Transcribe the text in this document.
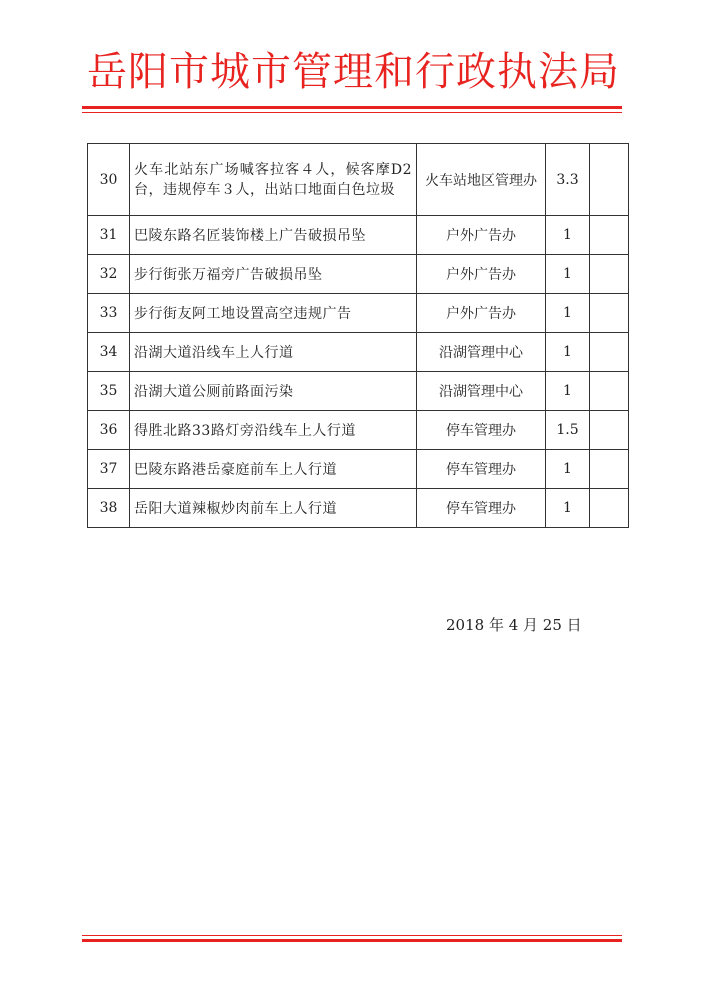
岳阳市城市管理和行政执法局
30	火车北站东广场喊客拉客４人，候客摩D2台，违规停车３人，出站口地面白色垃圾	火车站地区管理办	3.3	
31	巴陵东路名匠装饰楼上广告破损吊坠	户外广告办	1	
32	步行街张万福旁广告破损吊坠	户外广告办	1	
33	步行街友阿工地设置高空违规广告	户外广告办	1	
34	沿湖大道沿线车上人行道	沿湖管理中心	1	
35	沿湖大道公厕前路面污染	沿湖管理中心	1	
36	得胜北路33路灯旁沿线车上人行道	停车管理办	1.5	
37	巴陵东路港岳豪庭前车上人行道	停车管理办	1	
38	岳阳大道辣椒炒肉前车上人行道	停车管理办	1	
2018 年 4 月 25 日
